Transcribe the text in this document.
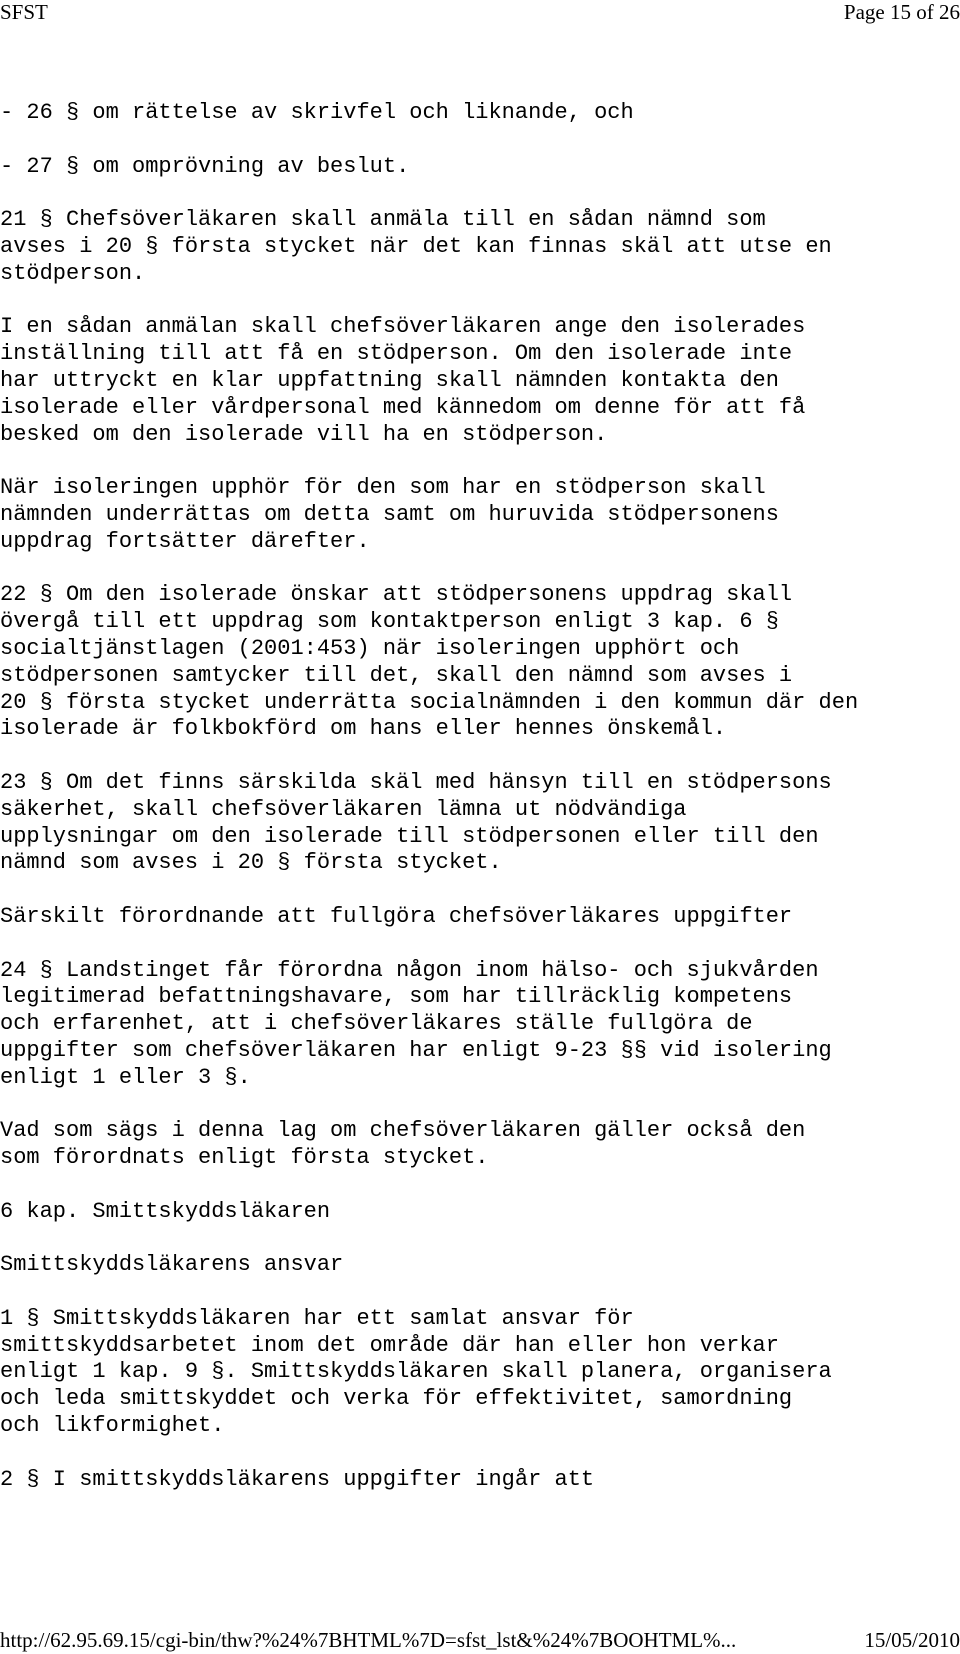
SFST	Page 15 of 26

- 26 § om rättelse av skrivfel och liknande, och

- 27 § om omprövning av beslut.

21 § Chefsöverläkaren skall anmäla till en sådan nämnd som
avses i 20 § första stycket när det kan finnas skäl att utse en
stödperson.

I en sådan anmälan skall chefsöverläkaren ange den isolerades
inställning till att få en stödperson. Om den isolerade inte
har uttryckt en klar uppfattning skall nämnden kontakta den
isolerade eller vårdpersonal med kännedom om denne för att få
besked om den isolerade vill ha en stödperson.

När isoleringen upphör för den som har en stödperson skall
nämnden underrättas om detta samt om huruvida stödpersonens
uppdrag fortsätter därefter.

22 § Om den isolerade önskar att stödpersonens uppdrag skall
övergå till ett uppdrag som kontaktperson enligt 3 kap. 6 §
socialtjänstlagen (2001:453) när isoleringen upphört och
stödpersonen samtycker till det, skall den nämnd som avses i
20 § första stycket underrätta socialnämnden i den kommun där den
isolerade är folkbokförd om hans eller hennes önskemål.

23 § Om det finns särskilda skäl med hänsyn till en stödpersons
säkerhet, skall chefsöverläkaren lämna ut nödvändiga
upplysningar om den isolerade till stödpersonen eller till den
nämnd som avses i 20 § första stycket.

Särskilt förordnande att fullgöra chefsöverläkares uppgifter

24 § Landstinget får förordna någon inom hälso- och sjukvården
legitimerad befattningshavare, som har tillräcklig kompetens
och erfarenhet, att i chefsöverläkares ställe fullgöra de
uppgifter som chefsöverläkaren har enligt 9-23 §§ vid isolering
enligt 1 eller 3 §.

Vad som sägs i denna lag om chefsöverläkaren gäller också den
som förordnats enligt första stycket.

6 kap. Smittskyddsläkaren

Smittskyddsläkarens ansvar

1 § Smittskyddsläkaren har ett samlat ansvar för
smittskyddsarbetet inom det område där han eller hon verkar
enligt 1 kap. 9 §. Smittskyddsläkaren skall planera, organisera
och leda smittskyddet och verka för effektivitet, samordning
och likformighet.

2 § I smittskyddsläkarens uppgifter ingår att

http://62.95.69.15/cgi-bin/thw?%24%7BHTML%7D=sfst_lst&%24%7BOOHTML%...	15/05/2010
